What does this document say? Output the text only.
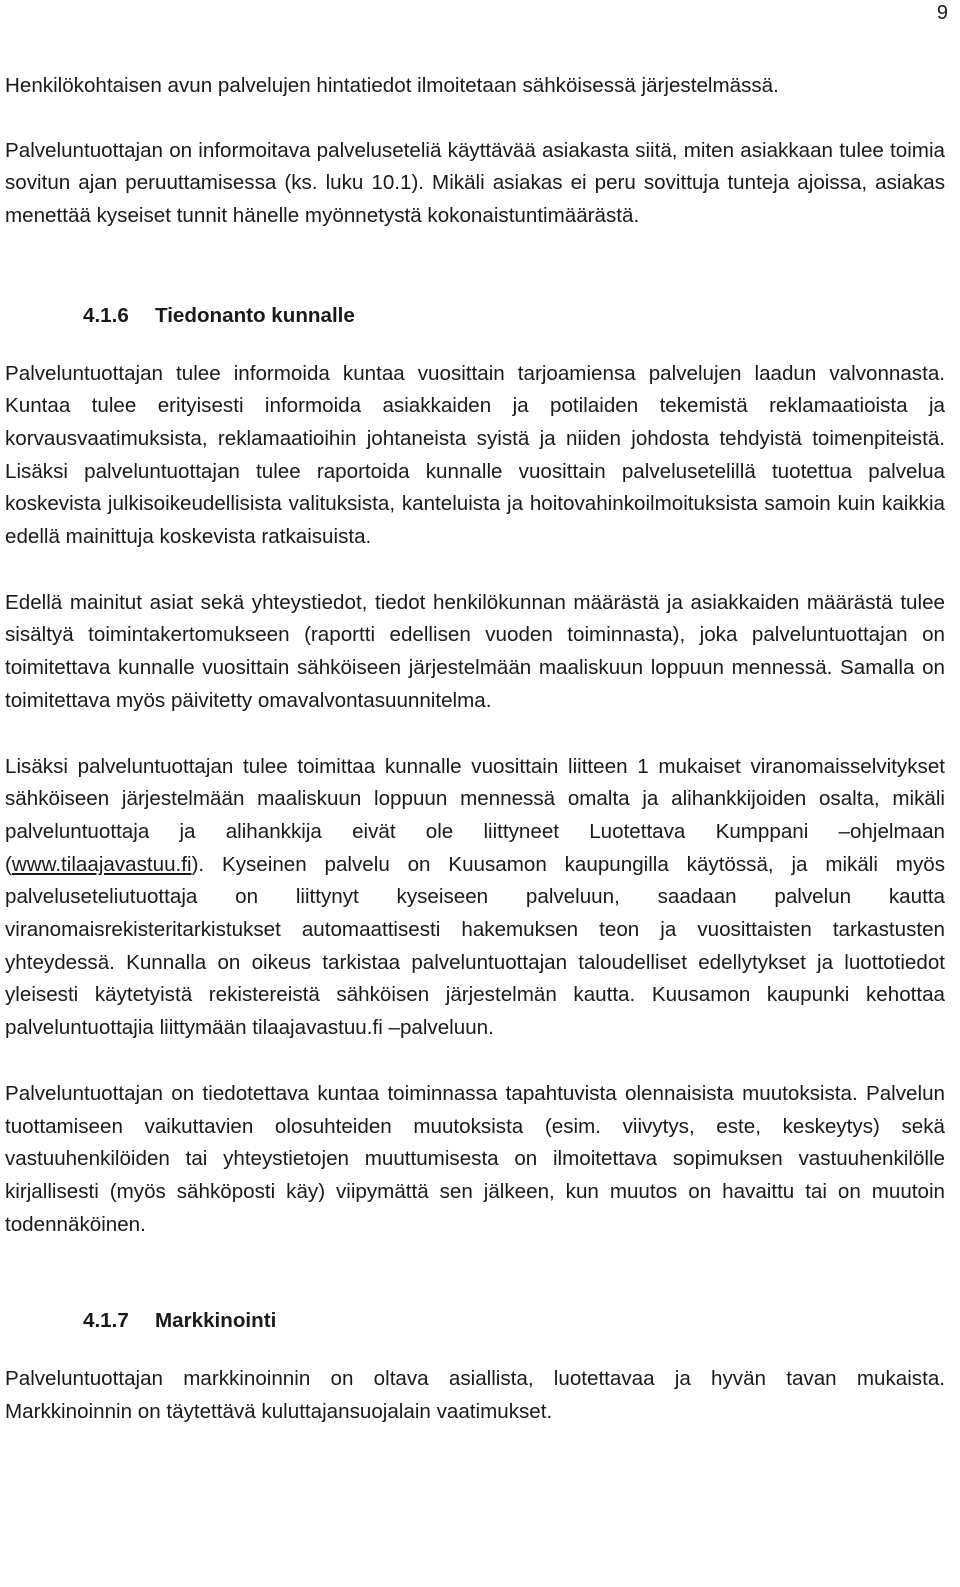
9

Henkilökohtaisen avun palvelujen hintatiedot ilmoitetaan sähköisessä järjestelmässä.

Palveluntuottajan on informoitava palveluseteliä käyttävää asiakasta siitä, miten asiakkaan tulee toimia sovitun ajan peruuttamisessa (ks. luku 10.1). Mikäli asiakas ei peru sovittuja tunteja ajoissa, asiakas menettää kyseiset tunnit hänelle myönnetystä kokonaistuntimäärästä.

4.1.6 Tiedonanto kunnalle

Palveluntuottajan tulee informoida kuntaa vuosittain tarjoamiensa palvelujen laadun valvonnasta. Kuntaa tulee erityisesti informoida asiakkaiden ja potilaiden tekemistä reklamaatioista ja korvausvaatimuksista, reklamaatioihin johtaneista syistä ja niiden johdosta tehdyistä toimenpiteistä. Lisäksi palveluntuottajan tulee raportoida kunnalle vuosittain palvelusetelillä tuotettua palvelua koskevista julkisoikeudellisista valituksista, kanteluista ja hoitovahinkoilmoituksista samoin kuin kaikkia edellä mainittuja koskevista ratkaisuista.

Edellä mainitut asiat sekä yhteystiedot, tiedot henkilökunnan määrästä ja asiakkaiden määrästä tulee sisältyä toimintakertomukseen (raportti edellisen vuoden toiminnasta), joka palveluntuottajan on toimitettava kunnalle vuosittain sähköiseen järjestelmään maaliskuun loppuun mennessä. Samalla on toimitettava myös päivitetty omavalvontasuunnitelma.

Lisäksi palveluntuottajan tulee toimittaa kunnalle vuosittain liitteen 1 mukaiset viranomaisselvitykset sähköiseen järjestelmään maaliskuun loppuun mennessä omalta ja alihankkijoiden osalta, mikäli palveluntuottaja ja alihankkija eivät ole liittyneet Luotettava Kumppani –ohjelmaan (www.tilaajavastuu.fi). Kyseinen palvelu on Kuusamon kaupungilla käytössä, ja mikäli myös palveluseteliutuottaja on liittynyt kyseiseen palveluun, saadaan palvelun kautta viranomaisrekisteritarkistukset automaattisesti hakemuksen teon ja vuosittaisten tarkastusten yhteydessä. Kunnalla on oikeus tarkistaa palveluntuottajan taloudelliset edellytykset ja luottotiedot yleisesti käytetyistä rekistereistä sähköisen järjestelmän kautta. Kuusamon kaupunki kehottaa palveluntuottajia liittymään tilaajavastuu.fi –palveluun.

Palveluntuottajan on tiedotettava kuntaa toiminnassa tapahtuvista olennaisista muutoksista. Palvelun tuottamiseen vaikuttavien olosuhteiden muutoksista (esim. viivytys, este, keskeytys) sekä vastuuhenkilöiden tai yhteystietojen muuttumisesta on ilmoitettava sopimuksen vastuuhenkilölle kirjallisesti (myös sähköposti käy) viipymättä sen jälkeen, kun muutos on havaittu tai on muutoin todennäköinen.

4.1.7 Markkinointi

Palveluntuottajan markkinoinnin on oltava asiallista, luotettavaa ja hyvän tavan mukaista. Markkinoinnin on täytettävä kuluttajansuojalain vaatimukset.
